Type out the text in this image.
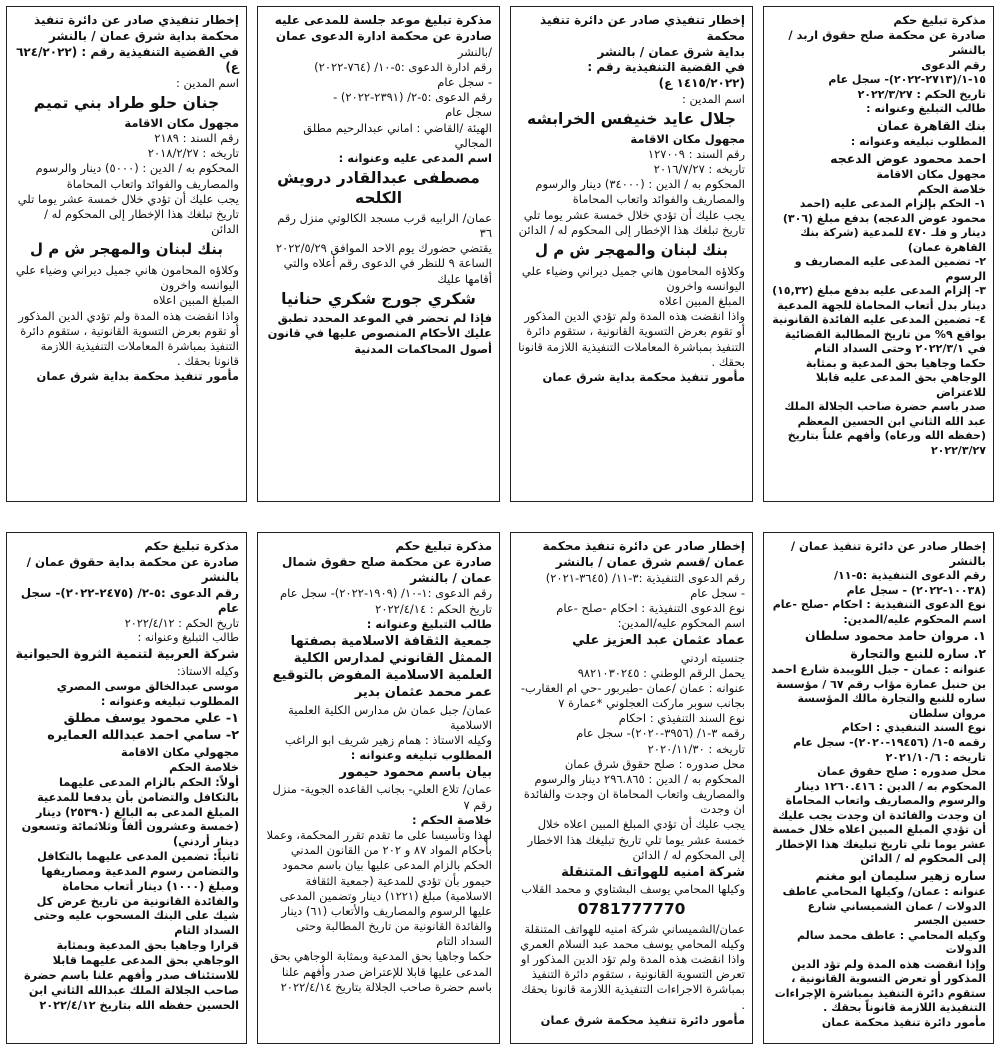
إخطار تنفيذي صادر عن دائرة تنفيذ

محكمة بداية شرق عمان / بالنشر

في القضية التنفيذية رقم : (٦٢٤/٢٠٢٢ ع)

اسم المدين :

جنان حلو طراد بني تميم

مجهول مكان الاقامة

رقم السند : ٢١٨٩

تاريخه : ٢٠١٨/٢/٢٧

المحكوم به / الدين : (٥٠٠٠) دينار والرسوم والمصاريف والفوائد واتعاب المحاماة

يجب عليك أن تؤدي خلال خمسة عشر يوما تلي تاريخ تبلغك هذا الإخطار إلى المحكوم له / الدائن

بنك لبنان والمهجر ش م ل

وكلاؤه المحامون هاني جميل ديراني وضياء علي اليوانسه واخرون

المبلغ المبين اعلاه

واذا انقضت هذه المدة ولم تؤدي الدين المذكور أو تقوم بعرض التسوية القانونية ، ستقوم دائرة التنفيذ بمباشرة المعاملات التنفيذية اللازمة قانونا بحقك .

مأمور تنفيذ محكمة بداية شرق عمان

مذكرة تبليغ موعد جلسة للمدعى عليه

صادرة عن محكمة ادارة الدعوى عمان

/بالنشر

رقم ادارة الدعوى :٥-١٠/ (٧٦٤-٢٠٢٢)

- سجل عام

رقم الدعوى :٥-٢/ (٢٣٩١-٢٠٢٢) -

سجل عام

الهيئة /القاضي : اماني عبدالرحيم مطلق المجالي

اسم المدعى عليه وعنوانه :

مصطفى عبدالقادر درويش الكلحه

عمان/ الرابيه قرب مسجد الكالوتي منزل رقم ٣٦

يقتضي حضورك يوم الاحد الموافق ٢٠٢٢/٥/٢٩ الساعة ٩ للنظر في الدعوى رقم أعلاه والتي أقامها عليك

شكري جورج شكري حنانيا

فإذا لم تحضر في الموعد المحدد تطبق عليك الأحكام المنصوص عليها في قانون أصول المحاكمات المدنية

إخطار تنفيذي صادر عن دائرة تنفيذ محكمة

بداية شرق عمان / بالنشر

في القضية التنفيذية رقم : (١٤١٥/٢٠٢٢ ع)

اسم المدين :

جلال عايد خنيفس الخرابشه

مجهول مكان الاقامة

رقم السند : ١٢٧٠٠٩

تاريخه : ٢٠١٦/٧/٢٧

المحكوم به / الدين : (٣٤٠٠٠) دينار والرسوم والمصاريف والفوائد واتعاب المحاماة

يجب عليك أن تؤدي خلال خمسة عشر يوما تلي تاريخ تبلغك هذا الإخطار إلى المحكوم له / الدائن

بنك لبنان والمهجر ش م ل

وكلاؤه المحامون هاني جميل ديراني وضياء علي اليوانسه واخرون

المبلغ المبين اعلاه

واذا انقضت هذه المدة ولم تؤدي الدين المذكور أو تقوم بعرض التسوية القانونية ، ستقوم دائرة التنفيذ بمباشرة المعاملات التنفيذية اللازمة قانونا بحقك .

مأمور تنفيذ محكمة بداية شرق عمان

مذكرة تبليغ حكم

صادرة عن محكمة صلح حقوق اربد / بالنشر

رقم الدعوى

١٥-١/(٢٧١٣-٢٠٢٢)- سجل عام

تاريخ الحكم : ٢٠٢٢/٣/٢٧

طالب التبليغ وعنوانه :

بنك القاهرة عمان

المطلوب تبليغه وعنوانه :

احمد محمود عوض الدعجه

مجهول مكان الاقامة

خلاصة الحكم

١- الحكم بإلزام المدعى عليه (احمد محمود عوض الدعجه) بدفع مبلغ (٣٠٦) دينار و فلـ ٤٧٠ للمدعية (شركة بنك القاهرة عمان)

٢- تضمين المدعى عليه المصاريف و الرسوم

٣- إلزام المدعى عليه بدفع مبلغ (١٥,٣٢) دينار بدل أتعاب المحاماة للجهة المدعية

٤- تضمين المدعى عليه الفائدة القانونية بواقع ٩% من تاريخ المطالبة القضائية في ٢٠٢٢/٣/١ وحتى السداد التام

حكما وجاهيا بحق المدعية و بمثابة الوجاهي بحق المدعى عليه قابلا للاعتراض

صدر باسم حضرة صاحب الجلالة الملك عبد الله الثاني ابن الحسين المعظم

(حفظه الله ورعاه) وأفهم علناً بتاريخ ٢٠٢٢/٣/٢٧

مذكرة تبليغ حكم

صادرة عن محكمة بداية حقوق عمان / بالنشر

رقم الدعوى :٥-٢/ (٢٤٧٥-٢٠٢٢)- سجل عام

تاريخ الحكم : ٢٠٢٢/٤/١٢

طالب التبليغ وعنوانه :

شركة العربية لتنمية الثروة الحيوانية

وكيله الاستاذ:

موسى عبدالخالق موسى المصري

المطلوب تبليغه وعنوانه :

١- علي محمود يوسف مطلق

٢- سامي احمد عبدالله العمايره

مجهولي مكان الاقامة

خلاصة الحكم

أولاً: الحكم بالزام المدعى عليهما بالتكافل والتضامن بأن يدفعا للمدعية المبلغ المدعى به البالغ (٢٥٣٩٠) دينار (خمسة وعشرون ألفاً وثلاثمائة وتسعون دينار أردني)

ثانياً: تضمين المدعى عليهما بالتكافل والتضامن رسوم المدعية ومصاريفها ومبلغ (١٠٠٠) دينار أتعاب محاماة والفائدة القانونية من تاريخ عرض كل شيك على البنك المسحوب عليه وحتى السداد التام

قرارا وجاهيا بحق المدعية وبمثابة الوجاهي بحق المدعى عليهما قابلا للاستئناف صدر وأفهم علنا باسم حضرة صاحب الجلالة الملك عبدالله الثاني ابن الحسين حفظه الله بتاريخ ٢٠٢٢/٤/١٢

مذكرة تبليغ حكم

صادرة عن محكمة صلح حقوق شمال عمان / بالنشر

رقم الدعوى :١-١٠/ (١٩٠٩-٢٠٢٢)- سجل عام

تاريخ الحكم : ٢٠٢٢/٤/١٤

طالب التبليغ وعنوانه :

جمعية الثقافة الاسلامية بصفتها الممثل القانوني لمدارس الكلية العلمية الاسلامية المفوض بالتوقيع عمر محمد عثمان بدير

عمان/ جبل عمان ش مدارس الكلية العلمية الاسلامية

وكيله الاستاذ : همام زهير شريف ابو الراغب

المطلوب تبليغه وعنوانه :

بيان باسم محمود حيمور

عمان/ تلاع العلي- بجانب القاعده الجوية- منزل رقم ٧

خلاصة الحكم :

لهذا وتأسيسا على ما تقدم تقرر المحكمة، وعملا بأحكام المواد ٨٧ و ٢٠٢ من القانون المدني الحكم بالزام المدعى عليها بيان باسم محمود حيمور بأن تؤدي للمدعية (جمعية الثقافة الاسلامية) مبلغ (١٢٢١) دينار وتضمين المدعى عليها الرسوم والمصاريف والأتعاب (٦١) دينار والفائدة القانونية من تاريخ المطالبة وحتى السداد التام

حكما وجاهيا بحق المدعية وبمثابة الوجاهي بحق المدعى عليها قابلا للإعتراض صدر وأفهم علنا باسم حضرة صاحب الجلالة بتاريخ ٢٠٢٢/٤/١٤

إخطار صادر عن دائرة تنفيذ محكمة عمان /قسم شرق عمان / بالنشر

رقم الدعوى التنفيذية :٣-١١/ (٣٦٤٥-٢٠٢١)

- سجل عام

نوع الدعوى التنفيذية : احكام -صلح -عام

اسم المحكوم عليه/المدين:

عماد عثمان عبد العزيز علي

جنسيته اردني

يحمل الرقم الوطني : ٩٨٢١٠٣٠٢٤٥

عنوانه : عمان /عمان -طبربور -حي ام العقارب-بجانب سوبر ماركت العجلوني *عمارة ٧

نوع السند التنفيذي : احكام

رقمه ٣-١/ (٣٩٥٦-٢٠٢٠)- سجل عام

تاريخه : ٢٠٢٠/١١/٣٠

محل صدوره : صلح حقوق شرق عمان

المحكوم به / الدين : ٢٩٦.٨٦٥ دينار والرسوم والمصاريف واتعاب المحاماة ان وجدت والفائدة ان وجدت

يجب عليك أن تؤدي المبلغ المبين اعلاه خلال خمسة عشر يوما تلي تاريخ تبليغك هذا الاخطار إلى المحكوم له / الدائن

شركة امنيه للهواتف المتنقلة

وكيلها المحامي يوسف البشتاوي و محمد القلاب

0781777770

عمان/الشميساني شركة امنيه للهواتف المتنقلة وكيله المحامي يوسف محمد عبد السلام العمري واذا انقضت هذه المدة ولم تؤد الدين المذكور او تعرض التسوية القانونية ، ستقوم دائرة التنفيذ بمباشرة الاجراءات التنفيذية اللازمة قانونا بحقك .

مأمور دائرة تنفيذ محكمة شرق عمان

إخطار صادر عن دائرة تنفيذ عمان / بالنشر

رقم الدعوى التنفيذية :٥-١١/

(١٠٠٣٨-٢٠٢٢) - سجل عام

نوع الدعوى التنفيذية : احكام -صلح -عام

اسم المحكوم عليه/المدين:

١. مروان حامد محمود سلطان

٢. ساره للنبع والتجارة

عنوانه : عمان - جبل اللويبدة شارع احمد بن حنبل عمارة مؤاب رقم ٦٧ / مؤسسة ساره للنبع والتجارة مالك المؤسسة مروان سلطان

نوع السند التنفيذي : احكام

رقمه ٥-١/ (١٩٤٥٦-٢٠٢٠)- سجل عام

تاريخه : ٢٠٢١/١٠/٦

محل صدوره : صلح حقوق عمان

المحكوم به / الدين : ١٢٦٠.٤١٦ دينار والرسوم والمصاريف واتعاب المحاماة ان وجدت والفائدة ان وجدت يجب عليك أن تؤدي المبلغ المبين اعلاه خلال خمسة عشر يوما تلي تاريخ تبليغك هذا الإخطار إلى المحكوم له / الدائن

ساره زهير سليمان ابو مغنم

عنوانه : عمان/ وكيلها المحامي عاطف الدولات / عمان الشميساني شارع حسين الجسر

وكيله المحامي : عاطف محمد سالم الدولات

وإذا انقضت هذه المدة ولم تؤد الدين المذكور أو تعرض التسوية القانونية ، ستقوم دائرة التنفيذ بمباشرة الإجراءات التنفيذية اللازمة قانوناً بحقك .

مأمور دائرة تنفيذ محكمة عمان
